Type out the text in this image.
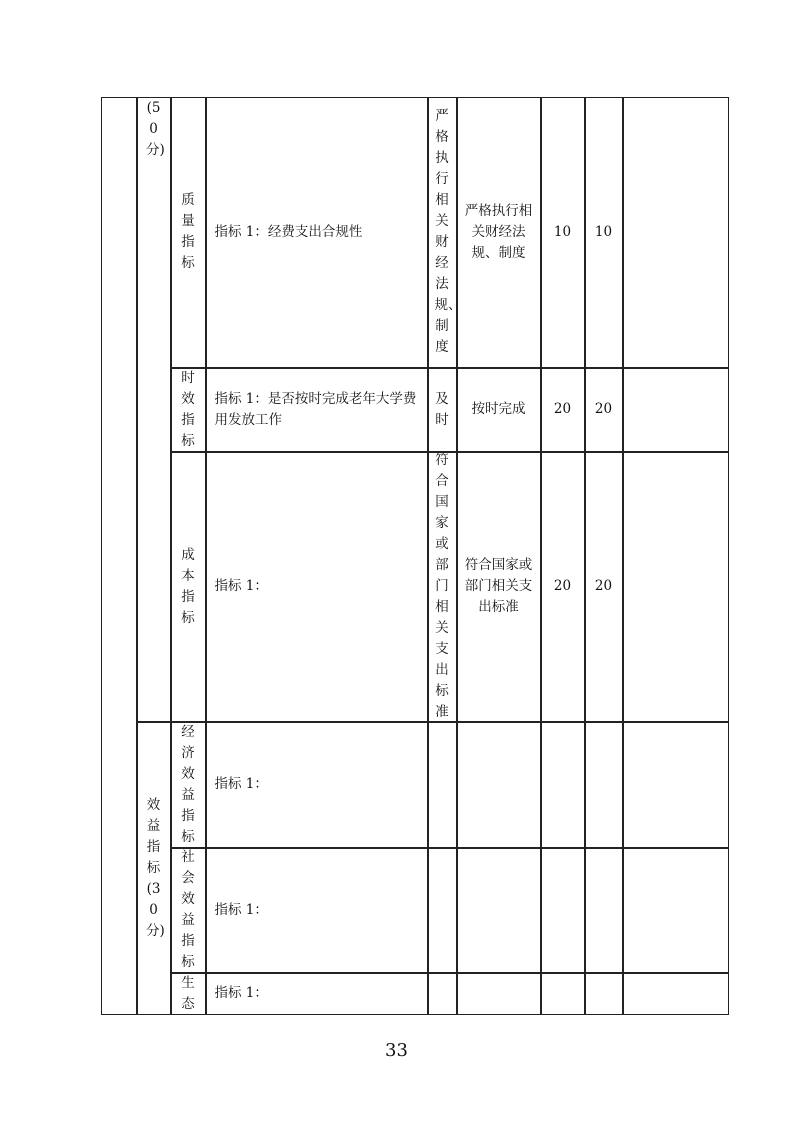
(50分)
效益指标(30分)
质量指标
指标 1：经费支出合规性
严格执行相关财经法规、制度
严格执行相关财经法规、制度
10 10
时效指标
指标 1：是否按时完成老年大学费用发放工作
及时
按时完成	20 20
成本指标
指标 1：
符合国家或部门相关支出标准
符合国家或部门相关支出标准
20 20
经济效益指标
指标 1：
社会效益指标
指标 1：
生态
指标 1：
33
